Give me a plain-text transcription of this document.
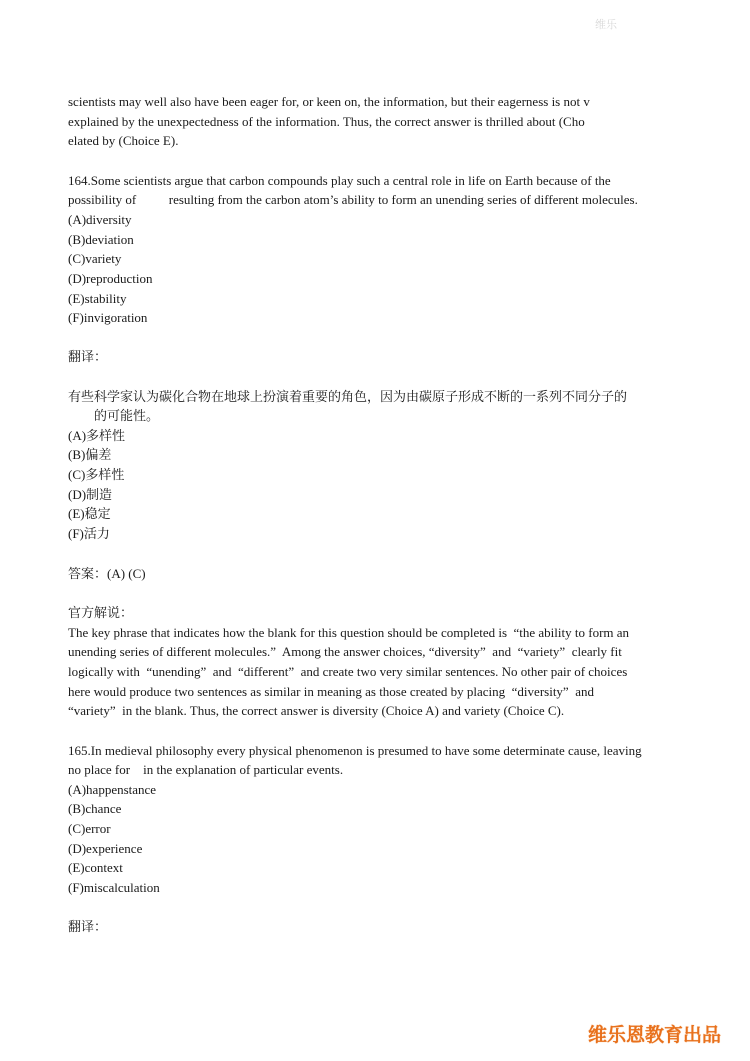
维乐
scientists may well also have been eager for, or keen on, the information, but their eagerness is not v
explained by the unexpectedness of the information. Thus, the correct answer is thrilled about (Cho
elated by (Choice E).
164.Some scientists argue that carbon compounds play such a central role in life on Earth because of the
possibility of          resulting from the carbon atom’s ability to form an unending series of different molecules.
(A)diversity
(B)deviation
(C)variety
(D)reproduction
(E)stability
(F)invigoration
翻译：
有些科学家认为碳化合物在地球上扮演着重要的角色，因为由碳原子形成不断的一系列不同分子的
的可能性。
(A)多样性
(B)偏差
(C)多样性
(D)制造
(E)稳定
(F)活力
答案：(A) (C)
官方解说：
The key phrase that indicates how the blank for this question should be completed is  “the ability to form an
unending series of different molecules.”  Among the answer choices, “diversity”  and  “variety”  clearly fit
logically with  “unending”  and  “different”  and create two very similar sentences. No other pair of choices
here would produce two sentences as similar in meaning as those created by placing  “diversity”  and
“variety”  in the blank. Thus, the correct answer is diversity (Choice A) and variety (Choice C).
165.In medieval philosophy every physical phenomenon is presumed to have some determinate cause, leaving
no place for    in the explanation of particular events.
(A)happenstance
(B)chance
(C)error
(D)experience
(E)context
(F)miscalculation
翻译：
维乐恩教育出品
